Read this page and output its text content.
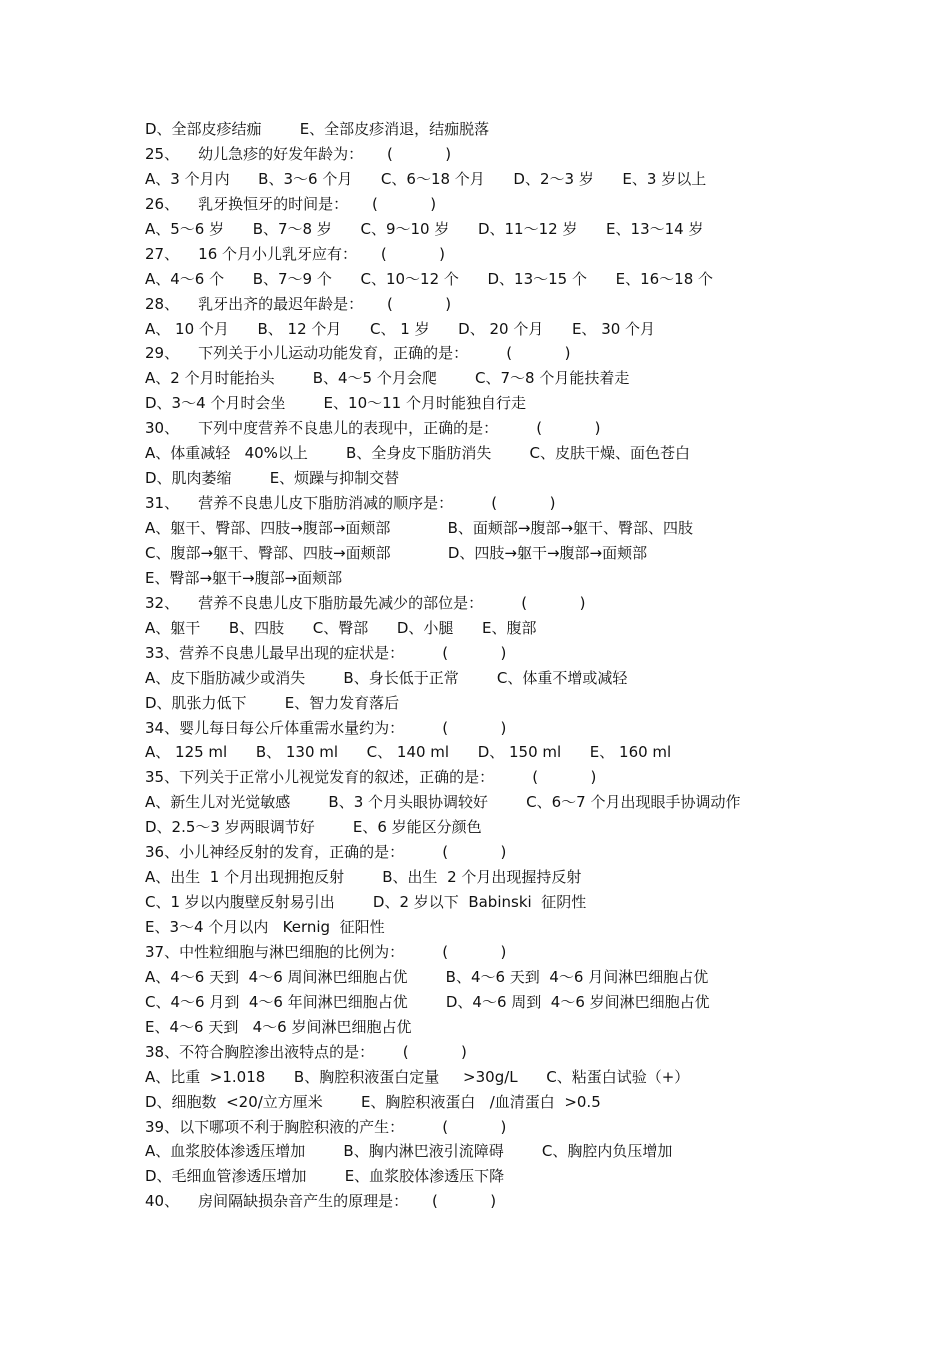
D、全部皮疹结痂        E、全部皮疹消退，结痂脱落
25、    幼儿急疹的好发年龄为：     (           )
A、3 个月内      B、3～6 个月      C、6～18 个月      D、2～3 岁      E、3 岁以上
26、    乳牙换恒牙的时间是：     (           )
A、5～6 岁      B、7～8 岁      C、9～10 岁      D、11～12 岁      E、13～14 岁
27、    16 个月小儿乳牙应有：     (           )
A、4～6 个      B、7～9 个      C、10～12 个      D、13～15 个      E、16～18 个
28、    乳牙出齐的最迟年龄是：     (           )
A、 10 个月      B、 12 个月      C、 1 岁      D、 20 个月      E、 30 个月
29、    下列关于小儿运动功能发育，正确的是：        (           )
A、2 个月时能抬头        B、4～5 个月会爬        C、7～8 个月能扶着走
D、3～4 个月时会坐        E、10～11 个月时能独自行走
30、    下列中度营养不良患儿的表现中，正确的是：        (           )
A、体重减轻   40%以上        B、全身皮下脂肪消失        C、皮肤干燥、面色苍白
D、肌肉萎缩        E、烦躁与抑制交替
31、    营养不良患儿皮下脂肪消减的顺序是：        (           )
A、躯干、臀部、四肢→腹部→面颊部            B、面颊部→腹部→躯干、臀部、四肢
C、腹部→躯干、臀部、四肢→面颊部            D、四肢→躯干→腹部→面颊部
E、臀部→躯干→腹部→面颊部
32、    营养不良患儿皮下脂肪最先减少的部位是：        (           )
A、躯干      B、四肢      C、臀部      D、小腿      E、腹部
33、营养不良患儿最早出现的症状是：        (           )
A、皮下脂肪减少或消失        B、身长低于正常        C、体重不增或减轻
D、肌张力低下        E、智力发育落后
34、婴儿每日每公斤体重需水量约为：        (           )
A、 125 ml      B、 130 ml      C、 140 ml      D、 150 ml      E、 160 ml
35、下列关于正常小儿视觉发育的叙述，正确的是：        (           )
A、新生儿对光觉敏感        B、3 个月头眼协调较好        C、6～7 个月出现眼手协调动作
D、2.5～3 岁两眼调节好        E、6 岁能区分颜色
36、小儿神经反射的发育，正确的是：        (           )
A、出生  1 个月出现拥抱反射        B、出生  2 个月出现握持反射
C、1 岁以内腹壁反射易引出        D、2 岁以下  Babinski  征阴性
E、3～4 个月以内   Kernig  征阳性
37、中性粒细胞与淋巴细胞的比例为：        (           )
A、4～6 天到  4～6 周间淋巴细胞占优        B、4～6 天到  4～6 月间淋巴细胞占优
C、4～6 月到  4～6 年间淋巴细胞占优        D、4～6 周到  4～6 岁间淋巴细胞占优
E、4～6 天到   4～6 岁间淋巴细胞占优
38、不符合胸腔渗出液特点的是：      (           )
A、比重  >1.018      B、胸腔积液蛋白定量     >30g/L      C、粘蛋白试验（+）
D、细胞数  <20/立方厘米        E、胸腔积液蛋白   /血清蛋白  >0.5
39、以下哪项不利于胸腔积液的产生：        (           )
A、血浆胶体渗透压增加        B、胸内淋巴液引流障碍        C、胸腔内负压增加
D、毛细血管渗透压增加        E、血浆胶体渗透压下降
40、    房间隔缺损杂音产生的原理是：     (           )
